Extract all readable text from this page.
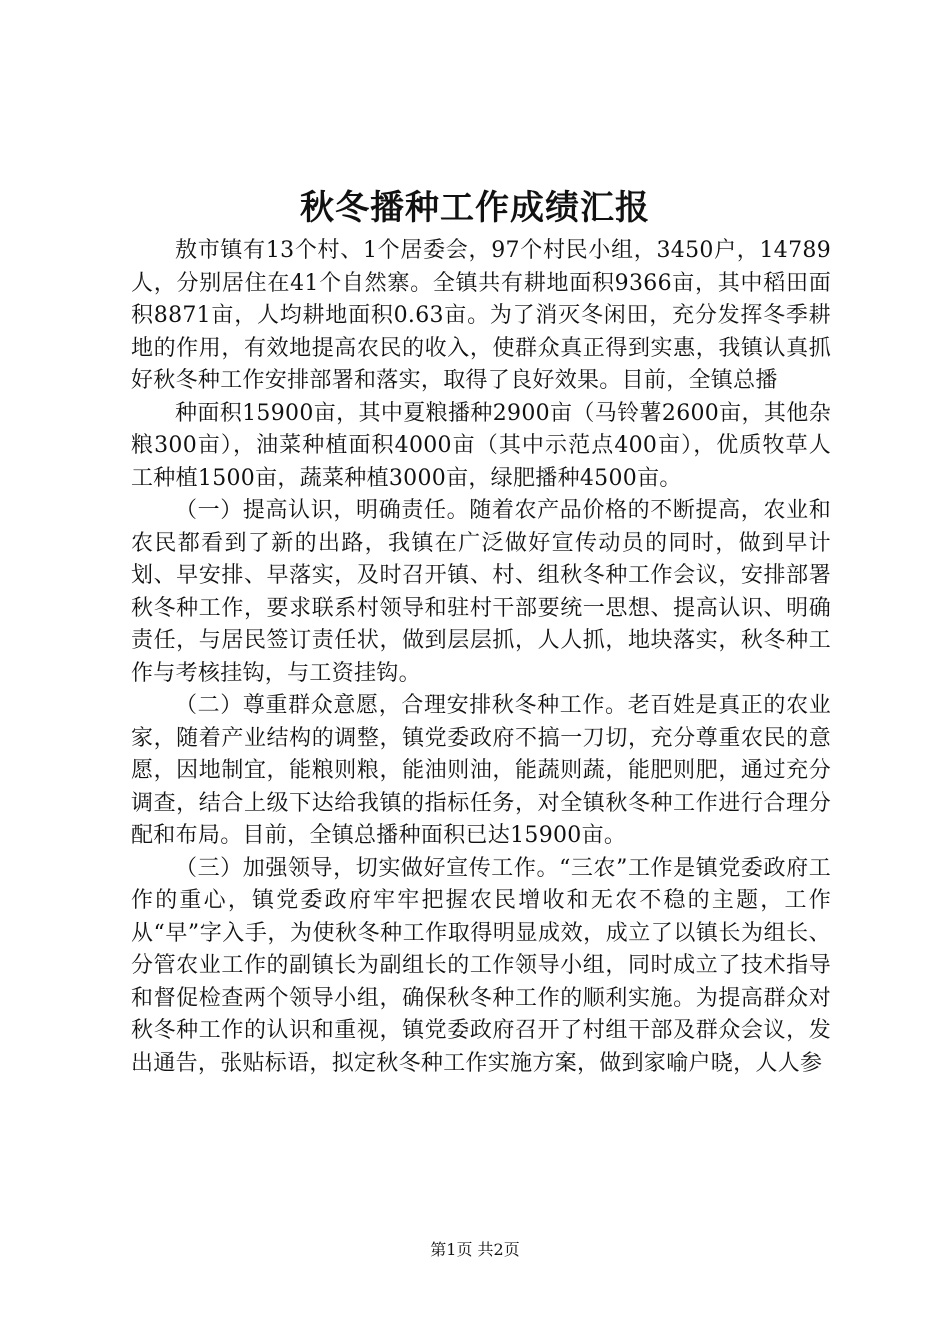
秋冬播种工作成绩汇报

敖市镇有13个村、1个居委会，97个村民小组，3450户，14789人，分别居住在41个自然寨。全镇共有耕地面积9366亩，其中稻田面积8871亩，人均耕地面积0.63亩。为了消灭冬闲田，充分发挥冬季耕地的作用，有效地提高农民的收入，使群众真正得到实惠，我镇认真抓好秋冬种工作安排部署和落实，取得了良好效果。目前，全镇总播

种面积15900亩，其中夏粮播种2900亩（马铃薯2600亩，其他杂粮300亩），油菜种植面积4000亩（其中示范点400亩），优质牧草人工种植1500亩，蔬菜种植3000亩，绿肥播种4500亩。

（一）提高认识，明确责任。随着农产品价格的不断提高，农业和农民都看到了新的出路，我镇在广泛做好宣传动员的同时，做到早计划、早安排、早落实，及时召开镇、村、组秋冬种工作会议，安排部署秋冬种工作，要求联系村领导和驻村干部要统一思想、提高认识、明确责任，与居民签订责任状，做到层层抓，人人抓，地块落实，秋冬种工作与考核挂钩，与工资挂钩。

（二）尊重群众意愿，合理安排秋冬种工作。老百姓是真正的农业家，随着产业结构的调整，镇党委政府不搞一刀切，充分尊重农民的意愿，因地制宜，能粮则粮，能油则油，能蔬则蔬，能肥则肥，通过充分调查，结合上级下达给我镇的指标任务，对全镇秋冬种工作进行合理分配和布局。目前，全镇总播种面积已达15900亩。

（三）加强领导，切实做好宣传工作。“三农”工作是镇党委政府工作的重心，镇党委政府牢牢把握农民增收和无农不稳的主题，工作从“早”字入手，为使秋冬种工作取得明显成效，成立了以镇长为组长、分管农业工作的副镇长为副组长的工作领导小组，同时成立了技术指导和督促检查两个领导小组，确保秋冬种工作的顺利实施。为提高群众对秋冬种工作的认识和重视，镇党委政府召开了村组干部及群众会议，发出通告，张贴标语，拟定秋冬种工作实施方案，做到家喻户晓，人人参

第1页 共2页
